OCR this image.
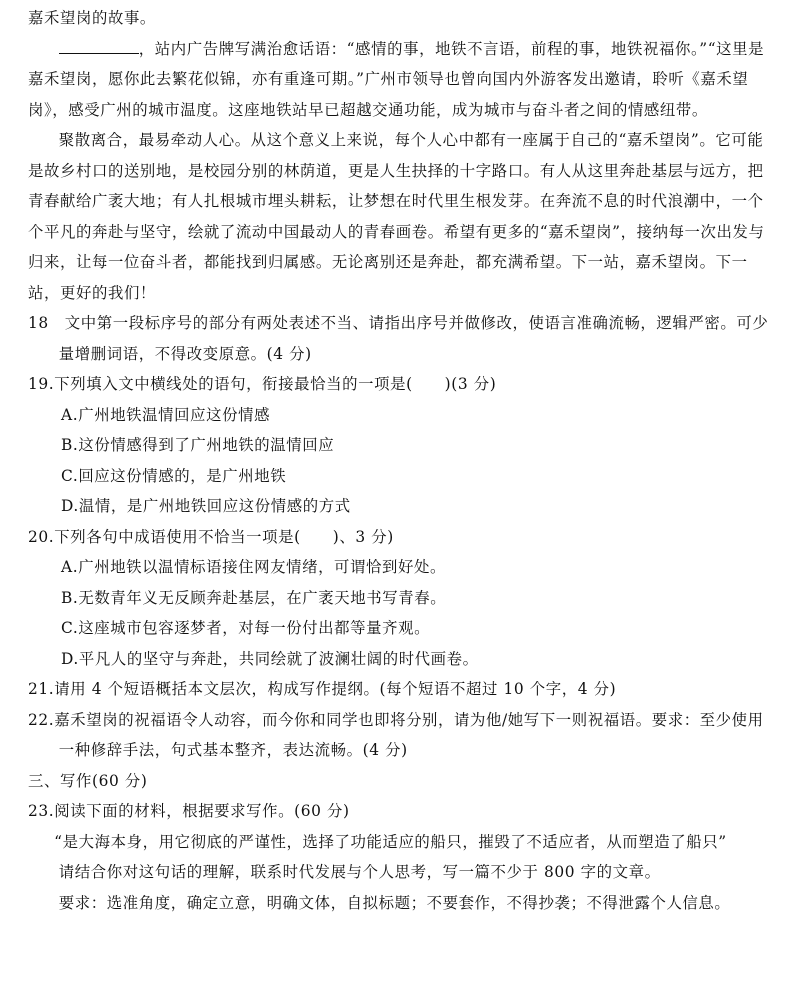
嘉禾望岗的故事。

，站内广告牌写满治愈话语：“感情的事，地铁不言语，前程的事，地铁祝福你。”“这里是嘉禾望岗，愿你此去繁花似锦，亦有重逢可期。”广州市领导也曾向国内外游客发出邀请，聆听《嘉禾望岗》，感受广州的城市温度。这座地铁站早已超越交通功能，成为城市与奋斗者之间的情感纽带。

聚散离合，最易牵动人心。从这个意义上来说，每个人心中都有一座属于自己的“嘉禾望岗”。它可能是故乡村口的送别地，是校园分别的林荫道，更是人生抉择的十字路口。有人从这里奔赴基层与远方，把青春献给广袤大地；有人扎根城市埋头耕耘，让梦想在时代里生根发芽。在奔流不息的时代浪潮中，一个个平凡的奔赴与坚守，绘就了流动中国最动人的青春画卷。希望有更多的“嘉禾望岗”，接纳每一次出发与归来，让每一位奋斗者，都能找到归属感。无论离别还是奔赴，都充满希望。下一站，嘉禾望岗。下一站，更好的我们！

18　文中第一段标序号的部分有两处表述不当、请指出序号并做修改，使语言准确流畅，逻辑严密。可少量增删词语，不得改变原意。(4 分)

19.下列填入文中横线处的语句，衔接最恰当的一项是(　　)(3 分)

A.广州地铁温情回应这份情感

B.这份情感得到了广州地铁的温情回应

C.回应这份情感的，是广州地铁

D.温情，是广州地铁回应这份情感的方式

20.下列各句中成语使用不恰当一项是(　　)、3 分)

A.广州地铁以温情标语接住网友情绪，可谓恰到好处。

B.无数青年义无反顾奔赴基层，在广袤天地书写青春。

C.这座城市包容逐梦者，对每一份付出都等量齐观。

D.平凡人的坚守与奔赴，共同绘就了波澜壮阔的时代画卷。

21.请用 4 个短语概括本文层次，构成写作提纲。(每个短语不超过 10 个字，4 分)

22.嘉禾望岗的祝福语令人动容，而今你和同学也即将分别，请为他/她写下一则祝福语。要求：至少使用一种修辞手法，句式基本整齐，表达流畅。(4 分)

三、写作(60 分)

23.阅读下面的材料，根据要求写作。(60 分)

“是大海本身，用它彻底的严谨性，选择了功能适应的船只，摧毁了不适应者，从而塑造了船只”

请结合你对这句话的理解，联系时代发展与个人思考，写一篇不少于 800 字的文章。

要求：选准角度，确定立意，明确文体，自拟标题；不要套作，不得抄袭；不得泄露个人信息。
